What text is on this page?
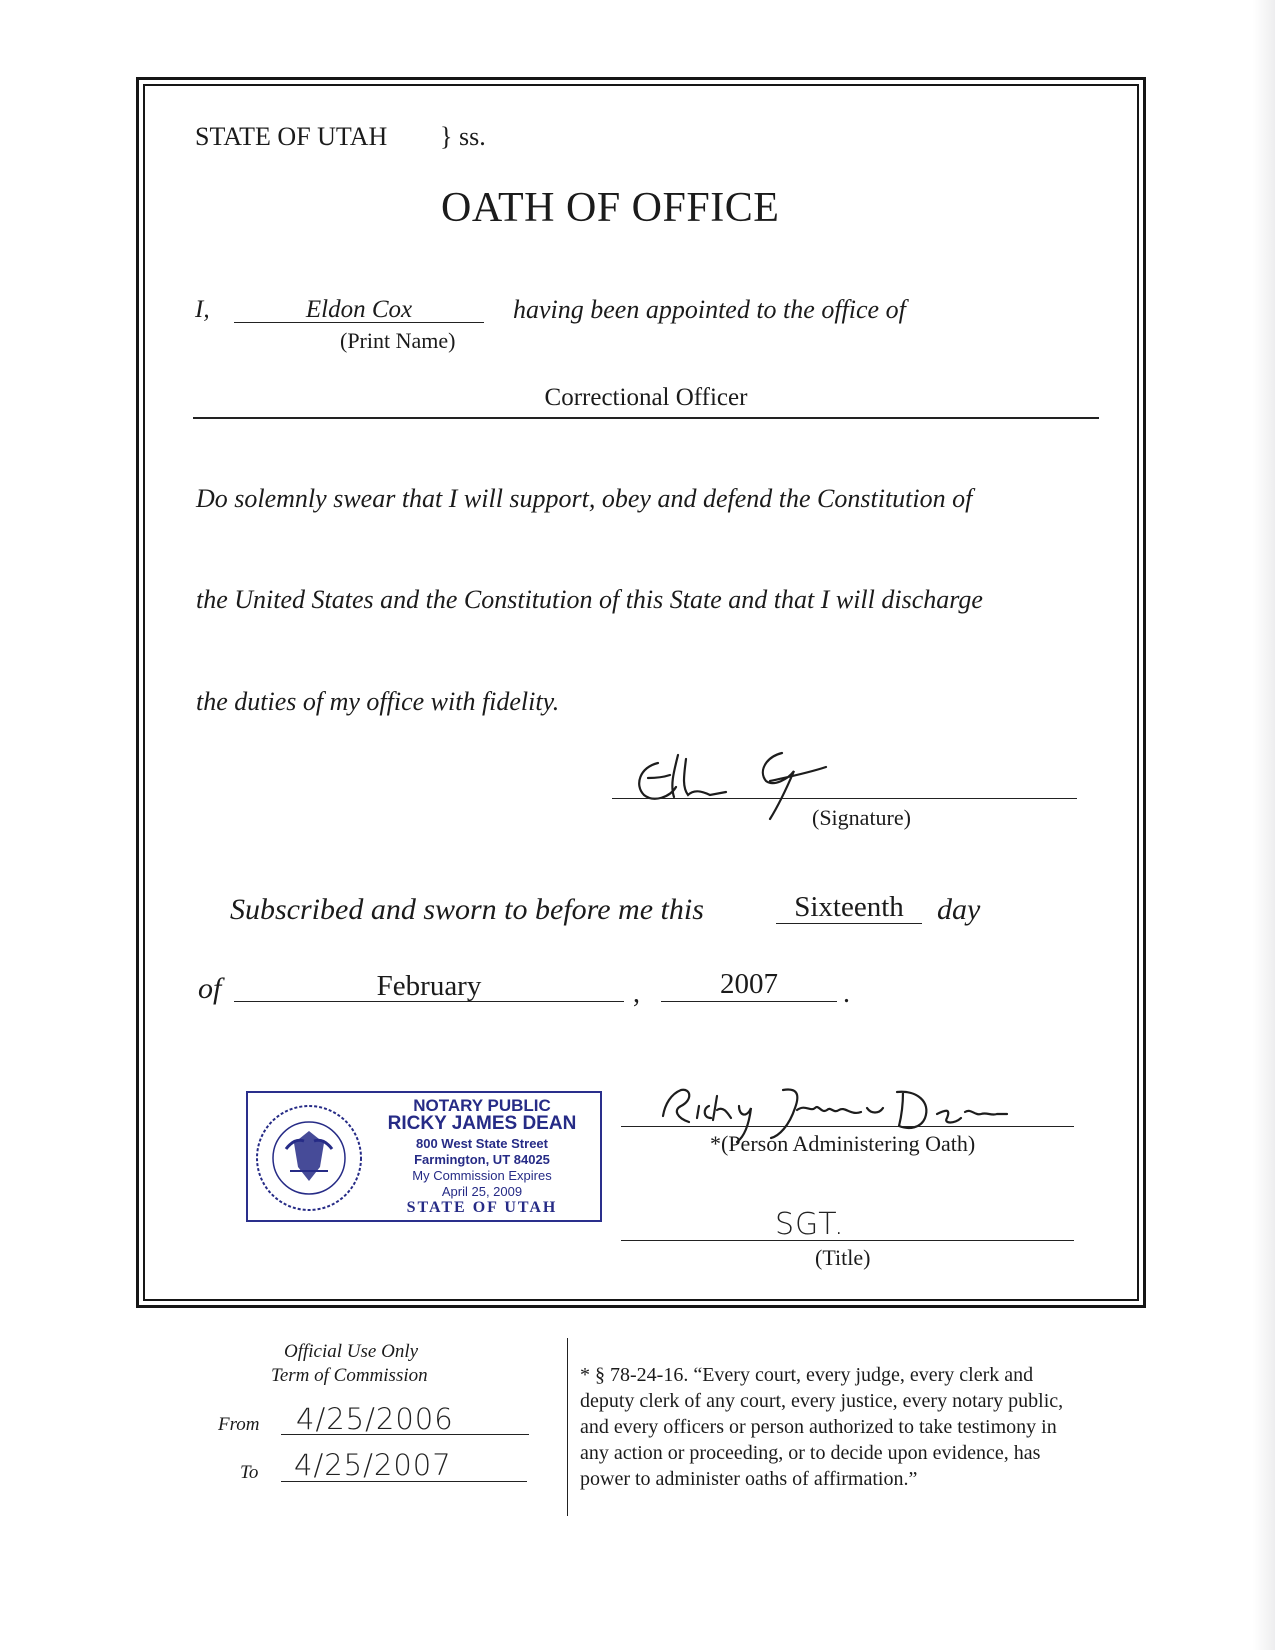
STATE OF UTAH } ss.
OATH OF OFFICE
I,	Eldon Cox
(Print Name)
having been appointed to the office of
Correctional Officer
Do solemnly swear that I will support, obey and defend the Constitution of
the United States and the Constitution of this State and that I will discharge
the duties of my office with fidelity.
(Signature)
Subscribed and sworn to before me this	Sixteenth	day
of	February	,	2007	.
NOTARY PUBLIC
RICKY JAMES DEAN
800 West State Street
Farmington, UT 84025
My Commission Expires
April 25, 2009
STATE OF UTAH
*(Person Administering Oath)
SGT.
(Title)
Official Use Only
Term of Commission
From 4/25/2006
To 4/25/2007
* § 78-24-16. “Every court, every judge, every clerk and
deputy clerk of any court, every justice, every notary public,
and every officers or person authorized to take testimony in
any action or proceeding, or to decide upon evidence, has
power to administer oaths of affirmation.”
